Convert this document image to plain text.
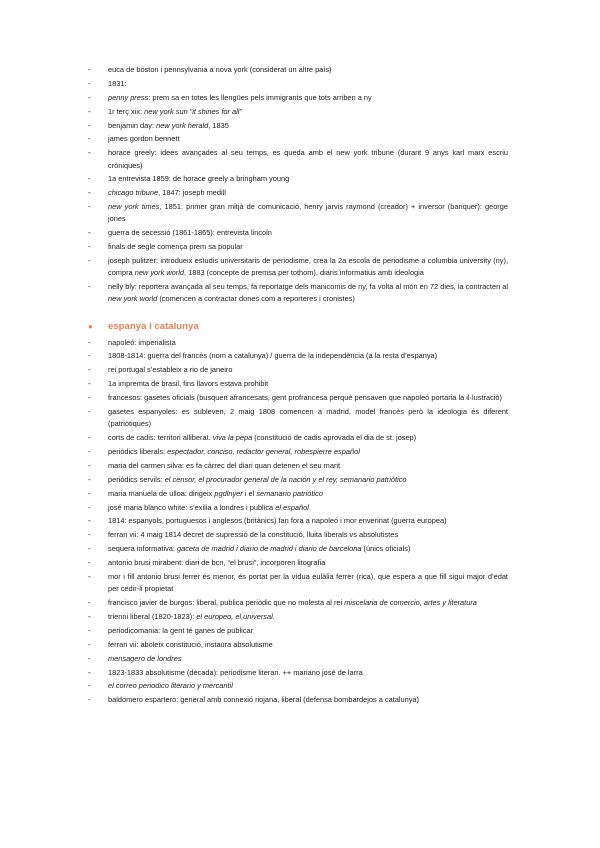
- euca de boston i pennsylvania a nova york (considerat un altre país)
- 1831:
- penny press: prem sa en totes les llengües pels immigrants que tots arriben a ny
- 1r terç xix: new york sun “it shines for all”
- benjamin day: new york herald, 1835
- james gordon bennett
- horace greely: idees avançades al seu temps, es queda amb el new york tribune (durant 9 anys karl marx escriu cròniques)
- 1a entrevista 1859: de horace greely a bringham young
- chicago tribune, 1847: joseph medill
- new york times, 1851: primer gran mitjà de comunicació, henry jarvis raymond (creador) + inversor (banquer): george jones
- guerra de secessió (1861-1865): entrevista lincoln
- finals de segle comença prem sa popular
- joseph pulitzer: introdueix estudis universitaris de periodisme, crea la 2a escola de periodisme a columbia university (ny), compra new york world, 1883 (concepte de premsa per tothom), diaris informatius amb ideologia
- nelly bly: reportera avançada al seu temps, fa reportatge dels manicomis de ny, fa volta al món en 72 dies, la contracten al new york world (comencen a contractar dones com a reporteres i cronistes)
● espanya i catalunya
- napoleó: imperialista
- 1808-1814: guerra del francès (nom a catalunya) / guerra de la independència (a la resta d’espanya)
- rei portugal s’estableix a rio de janeiro
- 1a impremta de brasil, fins llavors estava prohibit
- francesos: gasetes oficials (busquen afrancesats, gent profrancesa perquè pensaven que napoleó portaria la il·lustració)
- gasetes espanyoles: es subleven, 2 maig 1808 comencen a madrid, model francès però la ideologia és diferent (patriòtiques)
- corts de cadis: territori alliberat. viva la pepa (constitució de cadis aprovada el dia de st. josep)
- periòdics liberals: espectador, conciso, redactor general, robespierre español
- maria del carmen silva: es fa càrrec del diari quan detenen el seu marit
- periòdics servils: el censor, el procurador general de la nación y el rey, semanario patriótico
- maria manuela de ulloa: dirigeix pgdlnyer i el semanario patriótico
- josé maria blanco white: s’exilia a londres i publica el español
- 1814: espanyols, portuguesos i anglesos (britànics) fan fora a napoleó i mor enverinat (guerra europea)
- ferran vii: 4 maig 1814 decret de supressió de la constitució, lluita liberals vs absolutistes
- sequera informativa: gaceta de madrid i diario de madrid i diario de barcelona (únics oficials)
- antonio brusi mirabent: diari de bcn, “el brusi”, incorporen litografia
- mor i fill antonio brusi ferrer és menor, és portat per la vídua eulàlia ferrer (rica), que espera a que fill sigui major d’edat per cedir-li propietat
- francisco javier de burgos: liberal, publica periòdic que no molesta al rei miscelaria de comercio, artes y literatura
- trienni liberal (1820-1823): el europeo, el universal.
- periodicomania: la gent té ganes de publicar
- ferran vii: aboleix constitució, instaura absolutisme
- mensagero de londres
- 1823-1833 absolutisme (dècada): periodisme literari. ++ mariano josé de larra
- el correo periodico literario y mercantil
- baldomero espartero: general amb connexió riojana, liberal (defensa bombardejos a catalunya)
